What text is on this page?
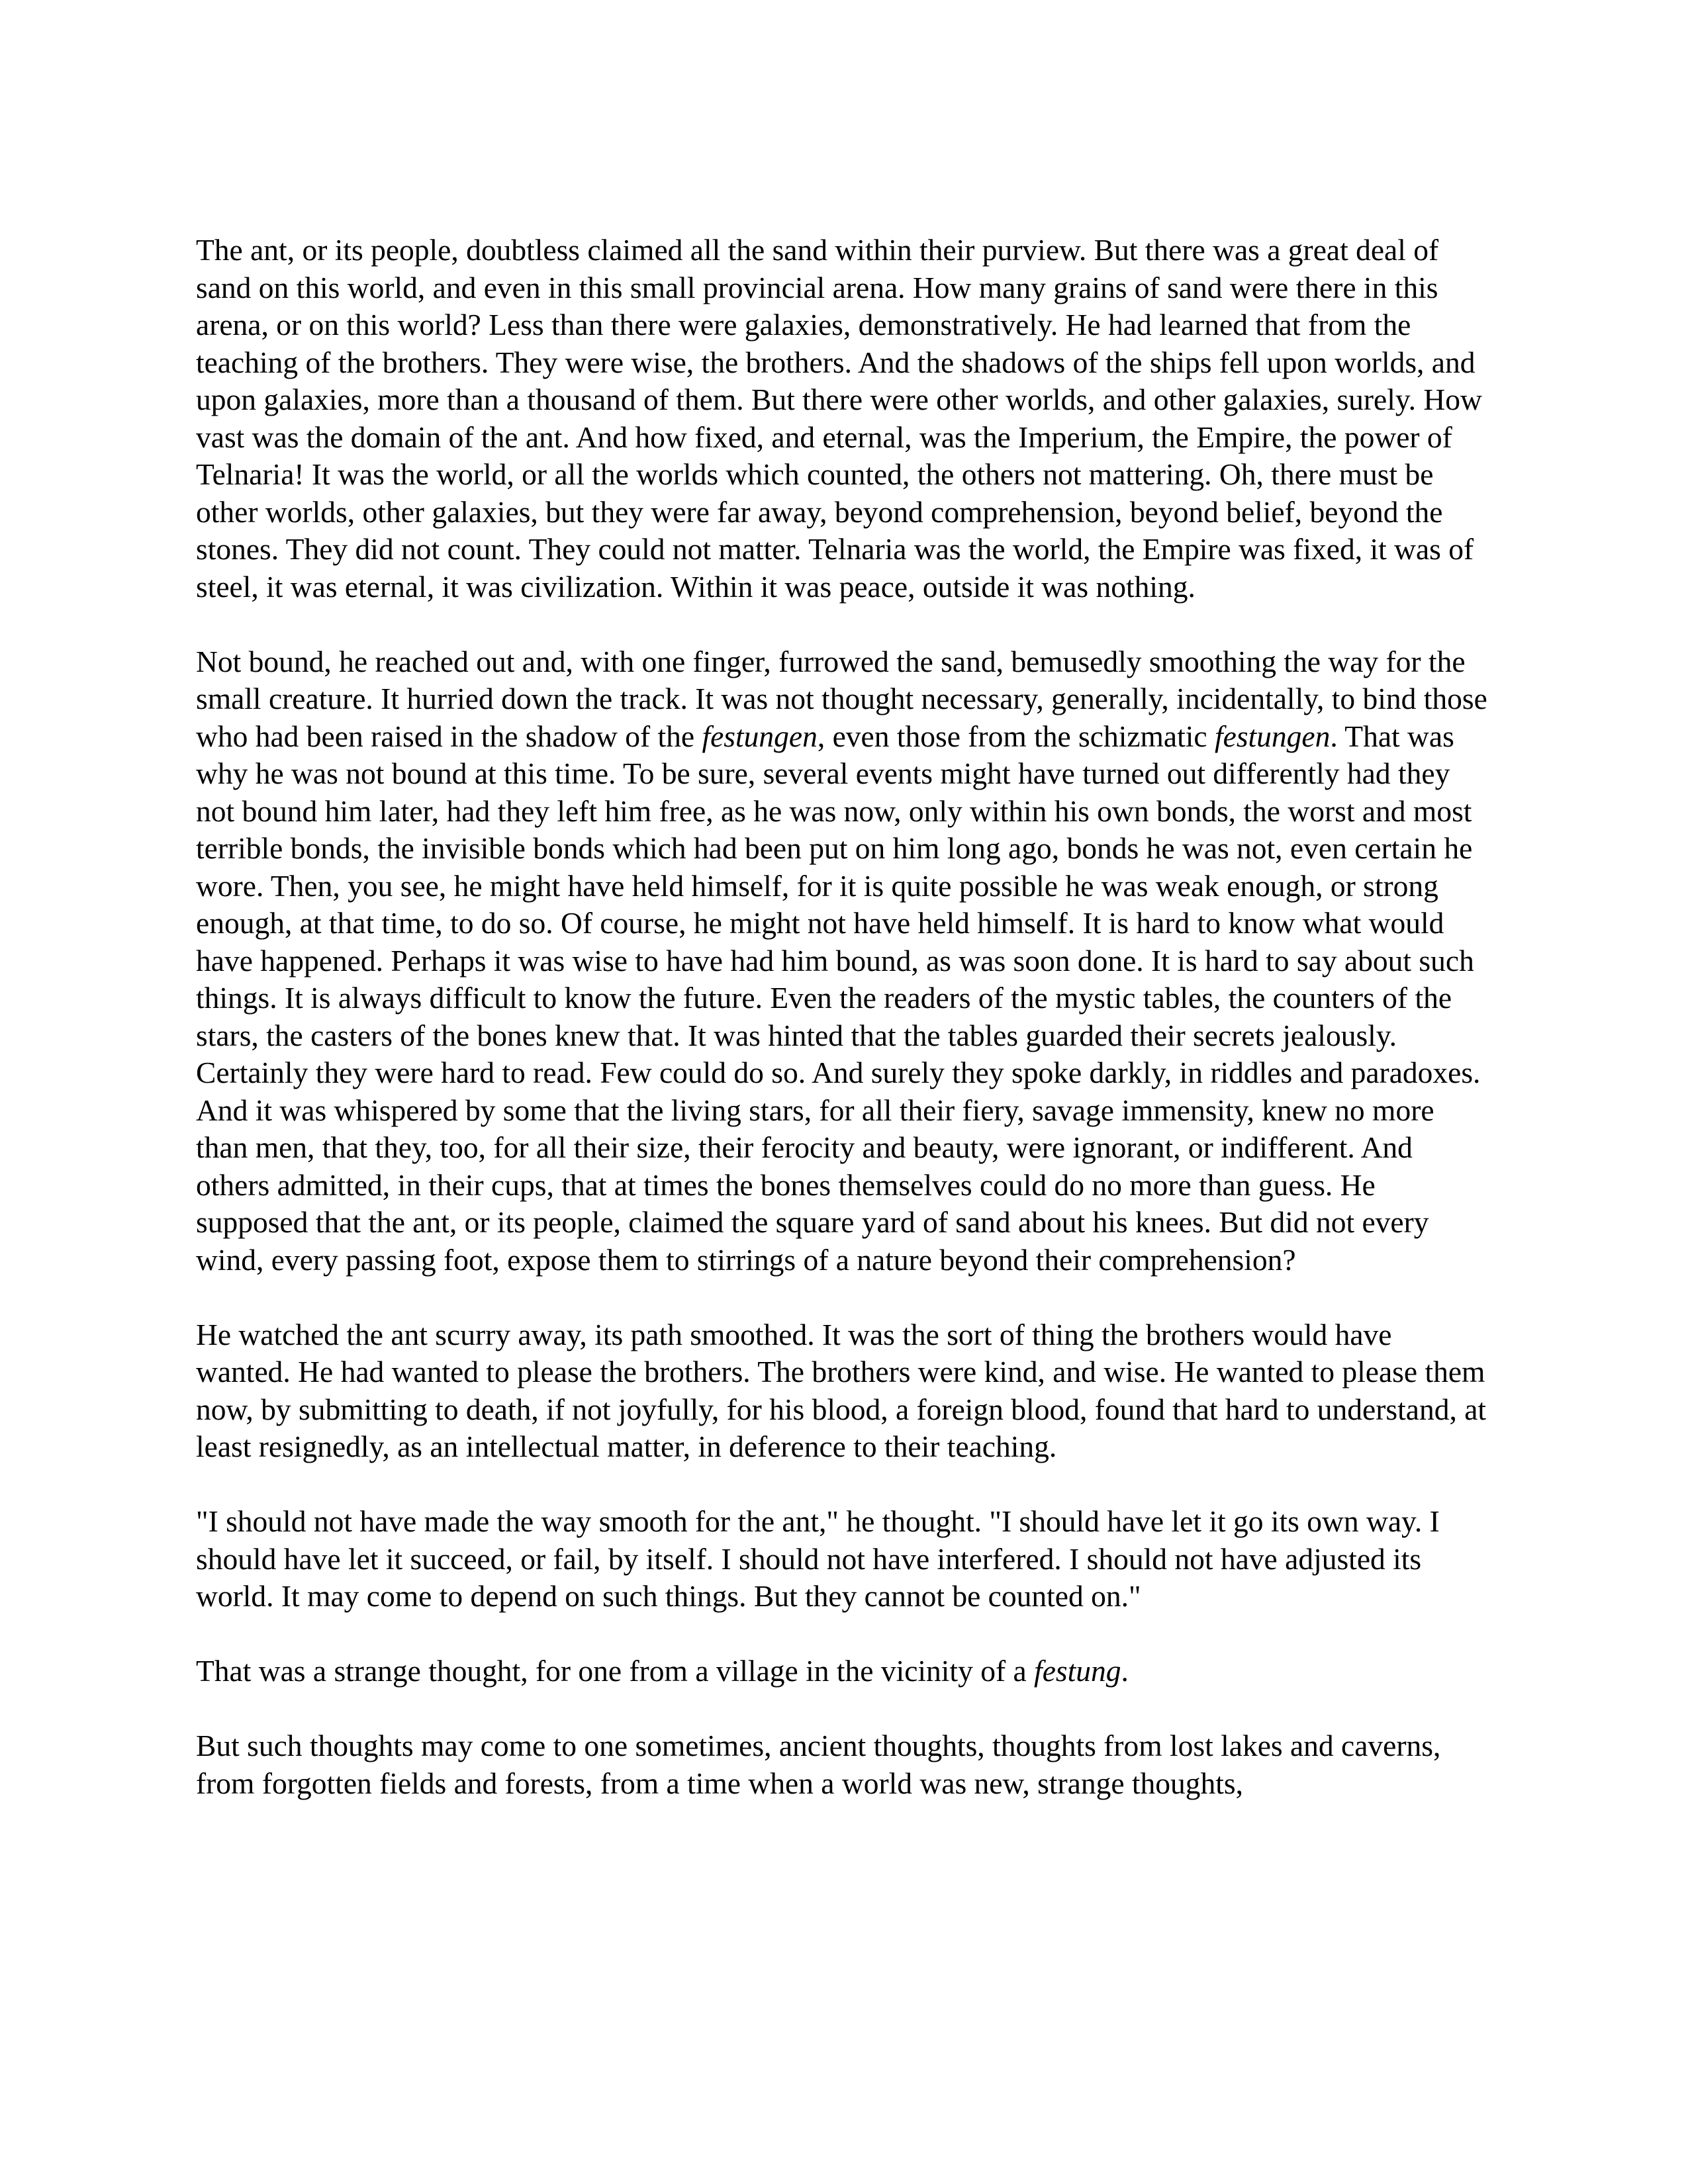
The ant, or its people, doubtless claimed all the sand within their purview. But there was a great deal of sand on this world, and even in this small provincial arena. How many grains of sand were there in this arena, or on this world? Less than there were galaxies, demonstratively. He had learned that from the teaching of the brothers. They were wise, the brothers. And the shadows of the ships fell upon worlds, and upon galaxies, more than a thousand of them. But there were other worlds, and other galaxies, surely. How vast was the domain of the ant. And how fixed, and eternal, was the Imperium, the Empire, the power of Telnaria! It was the world, or all the worlds which counted, the others not mattering. Oh, there must be other worlds, other galaxies, but they were far away, beyond comprehension, beyond belief, beyond the stones. They did not count. They could not matter. Telnaria was the world, the Empire was fixed, it was of steel, it was eternal, it was civilization. Within it was peace, outside it was nothing.

Not bound, he reached out and, with one finger, furrowed the sand, bemusedly smoothing the way for the small creature. It hurried down the track. It was not thought necessary, generally, incidentally, to bind those who had been raised in the shadow of the festungen, even those from the schizmatic festungen. That was why he was not bound at this time. To be sure, several events might have turned out differently had they not bound him later, had they left him free, as he was now, only within his own bonds, the worst and most terrible bonds, the invisible bonds which had been put on him long ago, bonds he was not, even certain he wore. Then, you see, he might have held himself, for it is quite possible he was weak enough, or strong enough, at that time, to do so. Of course, he might not have held himself. It is hard to know what would have happened. Perhaps it was wise to have had him bound, as was soon done. It is hard to say about such things. It is always difficult to know the future. Even the readers of the mystic tables, the counters of the stars, the casters of the bones knew that. It was hinted that the tables guarded their secrets jealously. Certainly they were hard to read. Few could do so. And surely they spoke darkly, in riddles and paradoxes. And it was whispered by some that the living stars, for all their fiery, savage immensity, knew no more than men, that they, too, for all their size, their ferocity and beauty, were ignorant, or indifferent. And others admitted, in their cups, that at times the bones themselves could do no more than guess. He supposed that the ant, or its people, claimed the square yard of sand about his knees. But did not every wind, every passing foot, expose them to stirrings of a nature beyond their comprehension?

He watched the ant scurry away, its path smoothed. It was the sort of thing the brothers would have wanted. He had wanted to please the brothers. The brothers were kind, and wise. He wanted to please them now, by submitting to death, if not joyfully, for his blood, a foreign blood, found that hard to understand, at least resignedly, as an intellectual matter, in deference to their teaching.

"I should not have made the way smooth for the ant," he thought. "I should have let it go its own way. I should have let it succeed, or fail, by itself. I should not have interfered. I should not have adjusted its world. It may come to depend on such things. But they cannot be counted on."

That was a strange thought, for one from a village in the vicinity of a festung.

But such thoughts may come to one sometimes, ancient thoughts, thoughts from lost lakes and caverns, from forgotten fields and forests, from a time when a world was new, strange thoughts,
